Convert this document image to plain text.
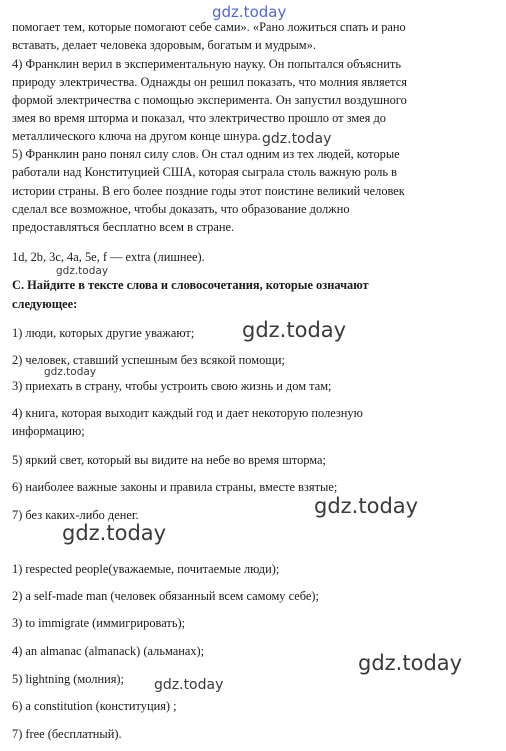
gdz.today
помогает тем, которые помогают себе сами». «Рано ложиться спать и рано
вставать, делает человека здоровым, богатым и мудрым».
4) Франклин верил в экспериментальную науку. Он попытался объяснить
природу электричества. Однажды он решил показать, что молния является
формой электричества с помощью эксперимента. Он запустил воздушного
змея во время шторма и показал, что электричество прошло от змея до
металлического ключа на другом конце шнура. gdz.today
5) Франклин рано понял силу слов. Он стал одним из тех людей, которые
работали над Конституцией США, которая сыграла столь важную роль в
истории страны. В его более поздние годы этот поистине великий человек
сделал все возможное, чтобы доказать, что образование должно
предоставляться бесплатно всем в стране.
1d, 2b, 3c, 4a, 5e, f — extra (лишнее).
gdz.today
С. Найдите в тексте слова и словосочетания, которые означают
следующее:
1) люди, которых другие уважают; gdz.today
2) человек, ставший успешным без всякой помощи;
gdz.today
3) приехать в страну, чтобы устроить свою жизнь и дом там;
4) книга, которая выходит каждый год и дает некоторую полезную
информацию;
5) яркий свет, который вы видите на небе во время шторма;
6) наиболее важные законы и правила страны, вместе взятые;
gdz.today
7) без каких-либо денег.
gdz.today
1) respected people(уважаемые, почитаемые люди);
2) a self-made man (человек обязанный всем самому себе);
3) to immigrate (иммигрировать);
4) an almanac (almanack) (альманах);	gdz.today
5) lightning (молния); gdz.today
6) a constitution (конституция) ;
7) free (бесплатный).
